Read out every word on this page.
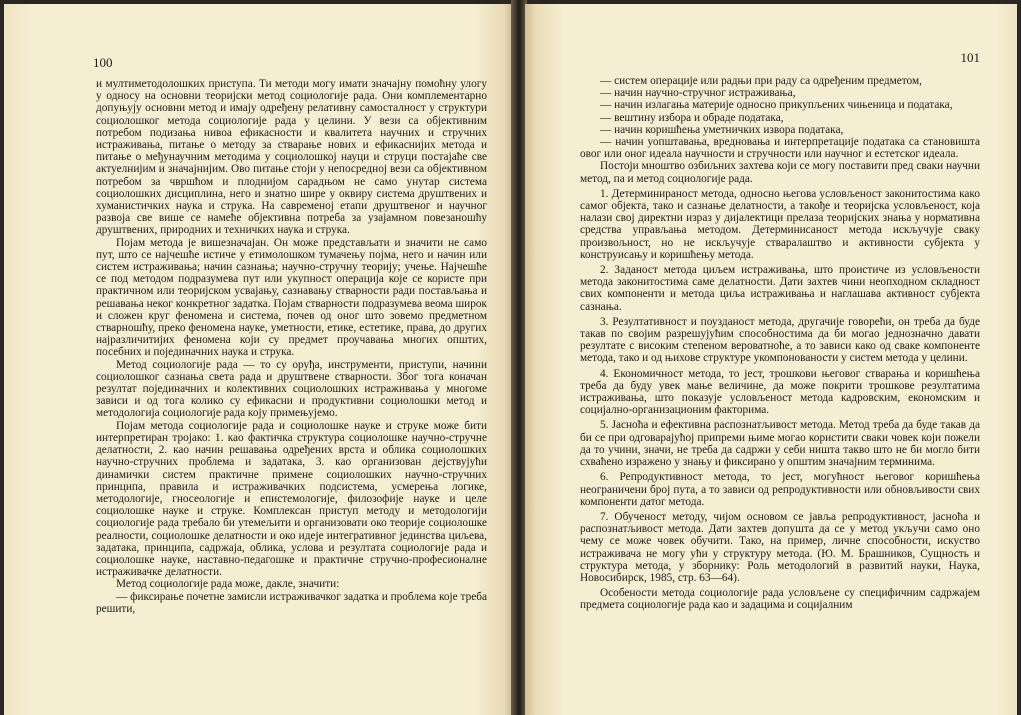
100

и мултиметодолошких приступа. Ти методи могу имати значајну помоћну улогу у односу на основни теоријски метод социологије рада. Они комплементарно допуњују основни метод и имају одређену релативну самосталност у структури социолошког метода социологије рада у целини. У вези са објективним потребом подизања нивоа ефикасности и квалитета научних и стручних истраживања, питање о методу за стварање нових и ефикаснијих метода и питање о међунаучним методима у социолошкој науци и струци постајаће све актуелнијим и значајнијим. Ово питање стоји у непосредној вези са објективном потребом за чвршћом и плоднијом сарадњом не само унутар система социолошких дисциплина, него и знатно шире у оквиру система друштвених и хуманистичких наука и струка. На савременој етапи друштвеног и научног развоја све више се намеће објективна потреба за узајамном повезаношћу друштвених, природних и техничких наука и струка.

Појам метода је вишезначајан. Он може представљати и значити не само пут, што се најчешће истиче у етимолошком тумачењу појма, него и начин или систем истраживања; начин сазнања; научно-стручну теорију; учење. Најчешће се под методом подразумева пут или укупност операција које се користе при практичном или теоријском усвајању, сазнавању стварности ради постављања и решавања неког конкретног задатка. Појам стварности подразумева веома широк и сложен круг феномена и система, почев од оног што зовемо предметном стварношћу, преко феномена науке, уметности, етике, естетике, права, до других најразличитијих феномена који су предмет проучавања многих општих, посебних и појединачних наука и струка.

Метод социологије рада — то су оруђа, инструменти, приступи, начини социолошког сазнања света рада и друштвене стварности. Због тога коначан резултат појединачних и колективних социолошких истраживања у многоме зависи и од тога колико су ефикасни и продуктивни социолошки метод и методологија социологије рада коју примењујемо.

Појам метода социологије рада и социолошке науке и струке може бити интерпретиран тројако: 1. као фактичка структура социолошке научно-стручне делатности, 2. као начин решавања одређених врста и облика социолошких научно-стручних проблема и задатака, 3. као организован дејствујући динамички систем практичне примене социолошких научно-стручних принципа, правила и истраживачких подсистема, усмерења логике, методологије, гносеологије и епистемологије, филозофије науке и целе социолошке науке и струке. Комплексан приступ методу и методологији социологије рада требало би утемељити и организовати око теорије социолошке реалности, социолошке делатности и око идеје интегративног јединства циљева, задатака, принципа, садржаја, облика, услова и резултата социологије рада и социолошке науке, наставно-педагошке и практичне стручно-професионалне истраживачке делатности.

Метод социологије рада може, дакле, значити:

— фиксирање почетне замисли истраживачког задатка и проблема које треба решити,

101

— систем операције или радњи при раду са одређеним предметом,

— начин научно-стручног истраживања,

— начин излагања материје односно прикупљених чињеница и података,

— вештину избора и обраде података,

— начин коришћења уметничких извора података,

— начин уопштавања, вредновања и интерпретације података са становишта овог или оног идеала научности и стручности или научног и естетског идеала.

Постоји мноштво озбиљних захтева који се могу поставити пред сваки научни метод, па и метод социологије рада.

1. Детерминираност метода, односно његова условљеност законитостима како самог објекта, тако и сазнање делатности, а такође и теоријска условљеност, која налази свој директни израз у дијалектици прелаза теоријских знања у нормативна средства управљања методом. Детерминисаност метода искључује сваку произвољност, но не искључује стваралаштво и активности субјекта у конструисању и коришћењу метода.

2. Заданост метода циљем истраживања, што проистиче из условљености метода законитостима саме делатности. Дати захтев чини неопходном складност свих компоненти и метода циља истраживања и наглашава активност субјекта сазнања.

3. Резултативност и поузданост метода, другачије говорећи, он треба да буде такав по својим разрешујућим способностима да би могао једнозначно давати резултате с високим степеном вероватноће, а то зависи како од сваке компоненте метода, тако и од њихове структуре укомпонованости у систем метода у целини.

4. Економичност метода, то јест, трошкови његовог стварања и коришћења треба да буду увек мање величине, да може покрити трошкове резултатима истраживања, што показује условљеност метода кадровским, економским и социјално-организационим факторима.

5. Јасноћа и ефективна распознатљивост метода. Метод треба да буде такав да би се при одговарајућој припреми њиме могао користити сваки човек који пожели да то учини, значи, не треба да садржи у себи ништа такво што не би могло бити схваћено изражено у знању и фиксирано у општим значајним терминима.

6. Репродуктивност метода, то јест, могућност његовог коришћења неограничени број пута, а то зависи од репродуктивности или обновљивости свих компоненти датог метода.

7. Обученост методу, чијом основом се јавља репродуктивност, јасноћа и распознатљивост метода. Дати захтев допушта да се у метод укључи само оно чему се може човек обучити. Тако, на пример, личне способности, искуство истраживача не могу ући у структуру метода. (Ю. М. Брашников, Сущность и структура метода, у зборнику: Роль методологий в развитий науки, Наука, Новосибирск, 1985, стр. 63—64).

Особености метода социологије рада условљене су специфичним садржајем предмета социологије рада као и задацима и социјалним
